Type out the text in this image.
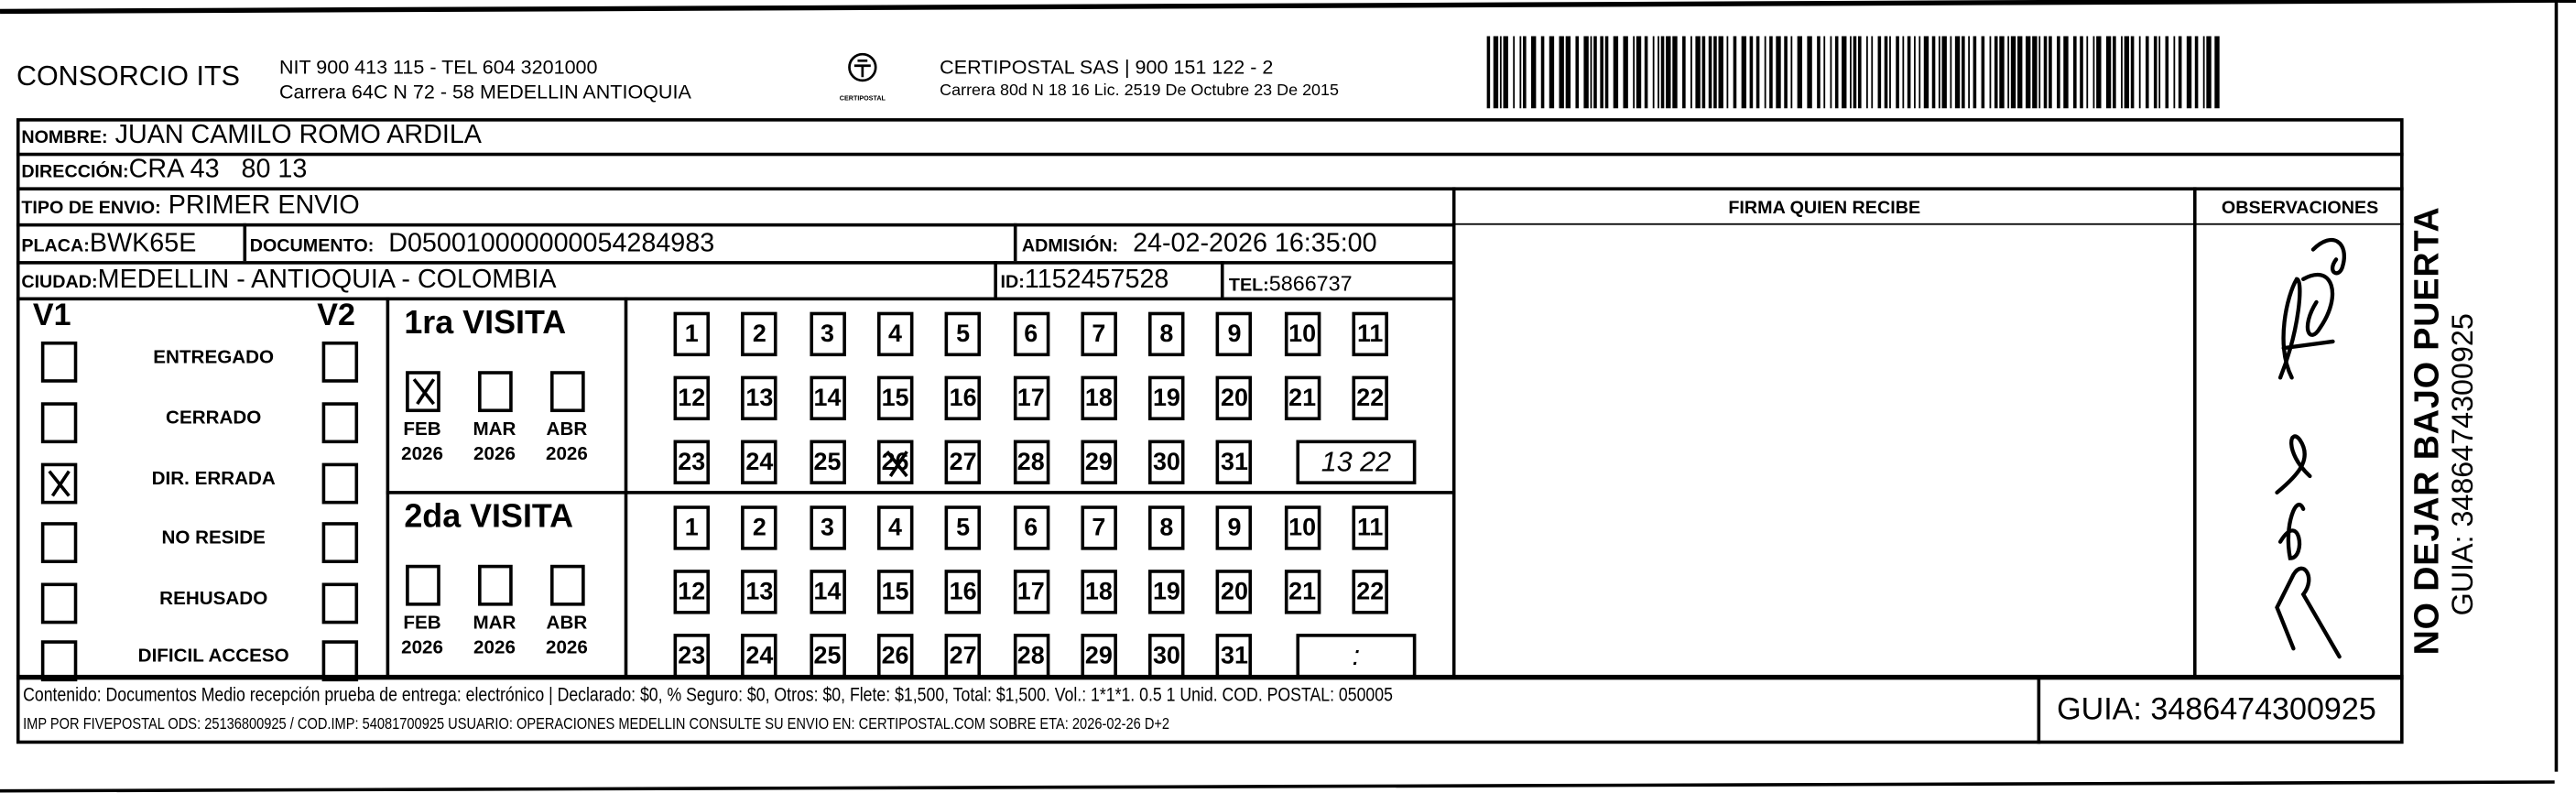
CONSORCIO ITS	NIT 900 413 115 - TEL 604 3201000
Carrera 64C N 72 - 58 MEDELLIN ANTIOQUIA	CERTIPOSTAL
CERTIPOSTAL SAS | 900 151 122 - 2
Carrera 80d N 18 16 Lic. 2519 De Octubre 23 De 2015
NOMBRE: JUAN CAMILO ROMO ARDILA
DIRECCIÓN:CRA 43   80 13
TIPO DE ENVIO: PRIMER ENVIO
PLACA:BWK65E	DOCUMENTO: D050010000000054284983	ADMISIÓN: 24-02-2026 16:35:00
CIUDAD:MEDELLIN - ANTIOQUIA - COLOMBIA	ID:1152457528	TEL:5866737
FIRMA QUIEN RECIBE	OBSERVACIONES
V1	V2
ENTREGADO
CERRADO
DIR. ERRADA
NO RESIDE
REHUSADO
DIFICIL ACCESO
1ra VISITA
FEB
2026
MAR
2026
ABR
2026
1	2	3	4	5	6	7	8	9	10	11
12	13	14	15	16	17	18	19	20	21	22
23	24	25	26	27	28	29	30	31	13 22
2da VISITA
FEB
2026
MAR
2026
ABR
2026
1	2	3	4	5	6	7	8	9	10	11
12	13	14	15	16	17	18	19	20	21	22
23	24	25	26	27	28	29	30	31	:
Contenido: Documentos Medio recepción prueba de entrega: electrónico | Declarado: $0, % Seguro: $0, Otros: $0, Flete: $1,500, Total: $1,500. Vol.: 1*1*1. 0.5 1 Unid. COD. POSTAL: 050005
IMP POR FIVEPOSTAL ODS: 25136800925 / COD.IMP: 54081700925 USUARIO: OPERACIONES MEDELLIN CONSULTE SU ENVIO EN: CERTIPOSTAL.COM SOBRE ETA: 2026-02-26 D+2	GUIA: 3486474300925
NO DEJAR BAJO PUERTA GUIA: 3486474300925
